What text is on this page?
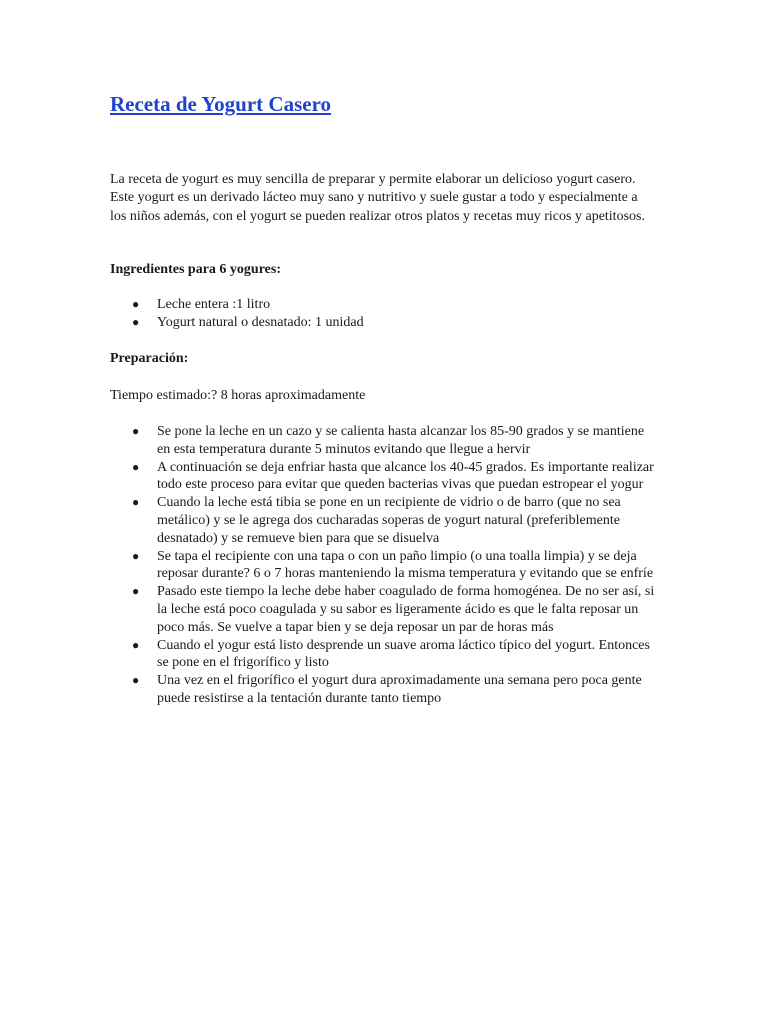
Receta de Yogurt Casero

La receta de yogurt es muy sencilla de preparar y permite elaborar un delicioso yogurt casero. Este yogurt es un derivado lácteo muy sano y nutritivo y suele gustar a todo y especialmente a los niños además, con el yogurt se pueden realizar otros platos y recetas muy ricos y apetitosos.

Ingredientes para 6 yogures:

● Leche entera :1 litro
● Yogurt natural o desnatado: 1 unidad

Preparación:

Tiempo estimado:? 8 horas aproximadamente

● Se pone la leche en un cazo y se calienta hasta alcanzar los 85-90 grados y se mantiene en esta temperatura durante 5 minutos evitando que llegue a hervir
● A continuación se deja enfriar hasta que alcance los 40-45 grados. Es importante realizar todo este proceso para evitar que queden bacterias vivas que puedan estropear el yogur
● Cuando la leche está tibia se pone en un recipiente de vidrio o de barro (que no sea metálico) y se le agrega dos cucharadas soperas de yogurt natural (preferiblemente desnatado) y se remueve bien para que se disuelva
● Se tapa el recipiente con una tapa o con un paño limpio (o una toalla limpia) y se deja reposar durante? 6 o 7 horas manteniendo la misma temperatura y evitando que se enfríe
● Pasado este tiempo la leche debe haber coagulado de forma homogénea. De no ser así, si la leche está poco coagulada y su sabor es ligeramente ácido es que le falta reposar un poco más. Se vuelve a tapar bien y se deja reposar un par de horas más
● Cuando el yogur está listo desprende un suave aroma láctico típico del yogurt. Entonces se pone en el frigorífico y listo
● Una vez en el frigorífico el yogurt dura aproximadamente una semana pero poca gente puede resistirse a la tentación durante tanto tiempo
